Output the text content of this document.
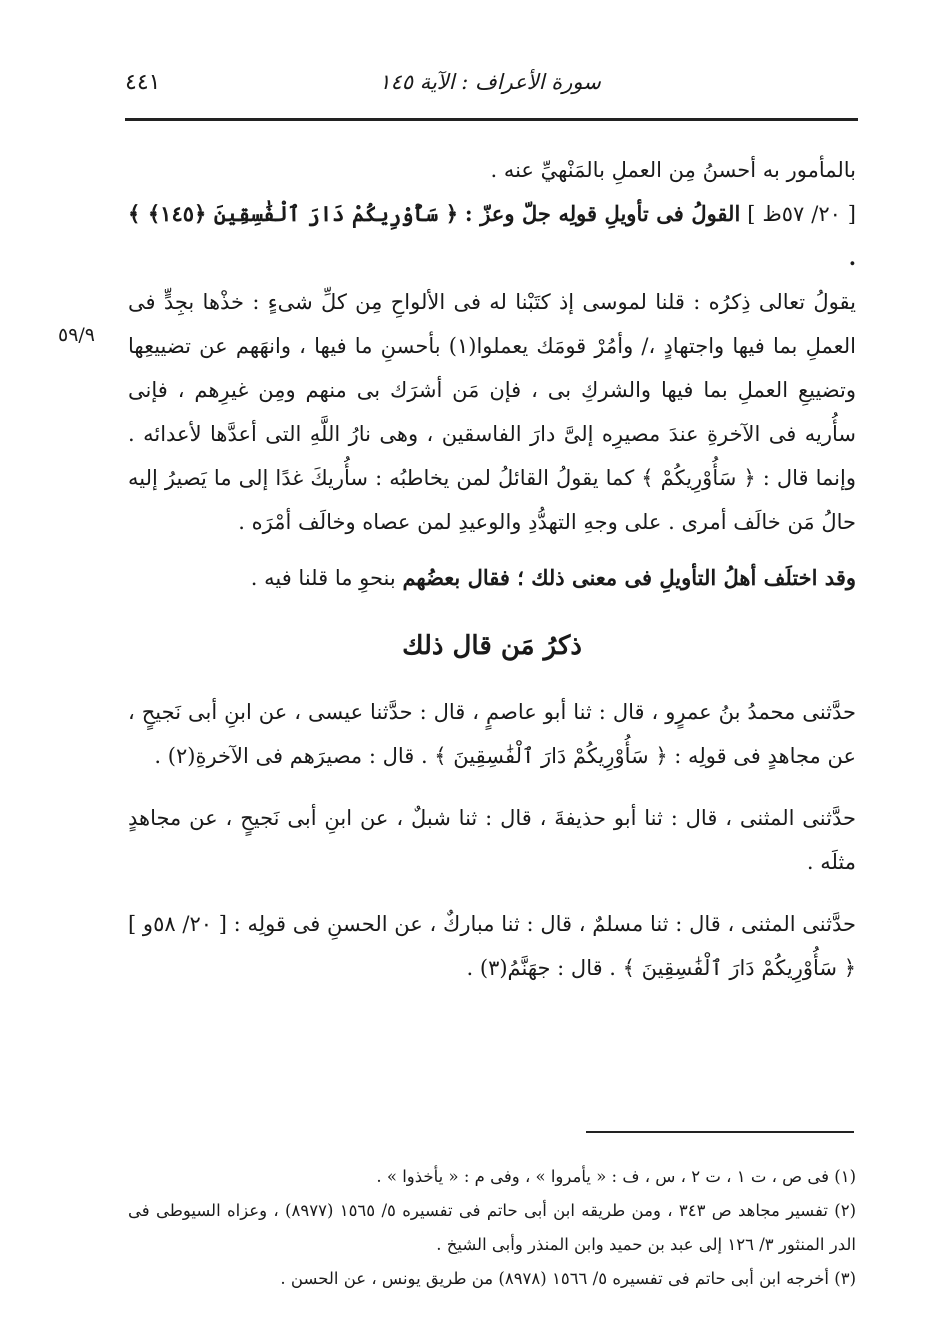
سورة الأعراف : الآية ١٤٥
٤٤١
٥٩/٩

بالمأمور به أحسنُ مِن العملِ بالمَنْهيِّ عنه .

[ ٢٠/ ٥٧ظ ] القولُ فى تأويلِ قولِه جلّ وعزّ : ﴿ سَأُوْرِيكُمْ دَارَ ٱلْفَٰسِقِينَ ﴿١٤٥﴾ ﴾ .

يقولُ تعالى ذِكرُه : قلنا لموسى إذ كتَبْنا له فى الألواحِ مِن كلِّ شىءٍ : خذْها بجِدٍّ فى العملِ بما فيها واجتهادٍ ،/ وأمُرْ قومَك يعملوا(١) بأحسنِ ما فيها ، وانهَهم عن تضييعِها وتضييعِ العملِ بما فيها والشركِ بى ، فإن مَن أشرَك بى منهم ومِن غيرِهم ، فإنى سأُريه فى الآخرةِ عندَ مصيرِه إلىَّ دارَ الفاسقين ، وهى نارُ اللَّهِ التى أعدَّها لأعدائه . وإنما قال : ﴿ سَأُوْرِيكُمْ ﴾ كما يقولُ القائلُ لمن يخاطبُه : سأُريكَ غدًا إلى ما يَصيرُ إليه حالُ مَن خالَف أمرى . على وجهِ التهدُّدِ والوعيدِ لمن عصاه وخالَف أمْرَه .

وقد اختلَف أهلُ التأويلِ فى معنى ذلك ؛ فقال بعضُهم بنحوِ ما قلنا فيه .

ذكرُ مَن قال ذلك

حدَّثنى محمدُ بنُ عمرٍو ، قال : ثنا أبو عاصمٍ ، قال : حدَّثنا عيسى ، عن ابنِ أبى نَجيحٍ ، عن مجاهدٍ فى قولِه : ﴿ سَأُوْرِيكُمْ دَارَ ٱلْفَٰسِقِينَ ﴾ . قال : مصيرَهم فى الآخرةِ(٢) .

حدَّثنى المثنى ، قال : ثنا أبو حذيفةَ ، قال : ثنا شبلٌ ، عن ابنِ أبى نَجيحٍ ، عن مجاهدٍ مثلَه .

حدَّثنى المثنى ، قال : ثنا مسلمٌ ، قال : ثنا مباركٌ ، عن الحسنِ فى قولِه : [ ٢٠/ ٥٨و ] ﴿ سَأُوْرِيكُمْ دَارَ ٱلْفَٰسِقِينَ ﴾ . قال : جهَنَّمُ(٣) .

(١) فى ص ، ت ١ ، ت ٢ ، س ، ف : « يأمروا » ، وفى م : « يأخذوا » .

(٢) تفسير مجاهد ص ٣٤٣ ، ومن طريقه ابن أبى حاتم فى تفسيره ٥/ ١٥٦٥ (٨٩٧٧) ، وعزاه السيوطى فى الدر المنثور ٣/ ١٢٦ إلى عبد بن حميد وابن المنذر وأبى الشيخ .

(٣) أخرجه ابن أبى حاتم فى تفسيره ٥/ ١٥٦٦ (٨٩٧٨) من طريق يونس ، عن الحسن .
